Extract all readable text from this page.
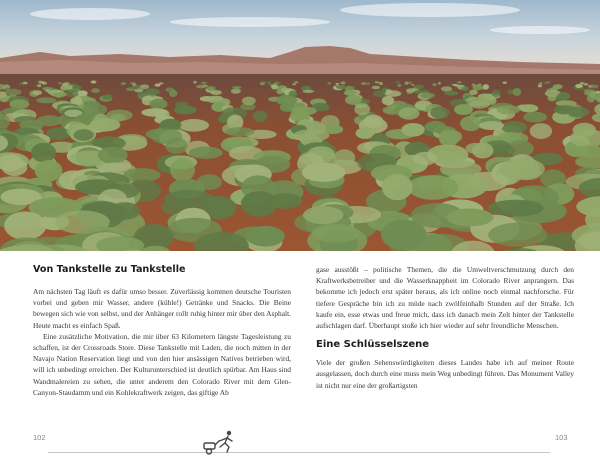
Von Tankstelle zu Tankstelle

Am nächsten Tag läuft es dafür umso besser. Zuverlässig kommen deutsche Touristen vorbei und geben mir Wasser, andere (kühle!) Getränke und Snacks. Die Beine bewegen sich wie von selbst, und der Anhänger rollt ruhig hinter mir über den Asphalt. Heute macht es einfach Spaß.

Eine zusätzliche Motivation, die mir über 63 Kilometern längste Tagesleistung zu schaffen, ist der Crossroads Store. Diese Tankstelle mit Laden, die noch mitten in der Navajo Nation Reservation liegt und von den hier ansässigen Natives betrieben wird, will ich unbedingt erreichen. Der Kulturunterschied ist deutlich spürbar. Am Haus sind Wandmalereien zu sehen, die unter anderem den Colorado River mit dem Glen-Canyon-Staudamm und ein Kohlekraftwerk zeigen, das giftige Ab

gase ausstößt – politische Themen, die die Umweltverschmutzung durch den Kraftwerksbetreiber und die Wasserknappheit im Colorado River anprangern. Das bekomme ich jedoch erst später heraus, als ich online noch einmal nachforsche. Für tiefere Gespräche bin ich zu müde nach zwölfeinhalb Stunden auf der Straße. Ich kaufe ein, esse etwas und freue mich, dass ich danach mein Zelt hinter der Tankstelle aufschlagen darf. Überhaupt stoße ich hier wieder auf sehr freundliche Menschen.

Eine Schlüsselszene

Viele der großen Sehenswürdigkeiten dieses Landes habe ich auf meiner Route ausgelassen, doch durch eine muss mein Weg unbedingt führen. Das Monument Valley ist nicht nur eine der großartigsten

102	103
